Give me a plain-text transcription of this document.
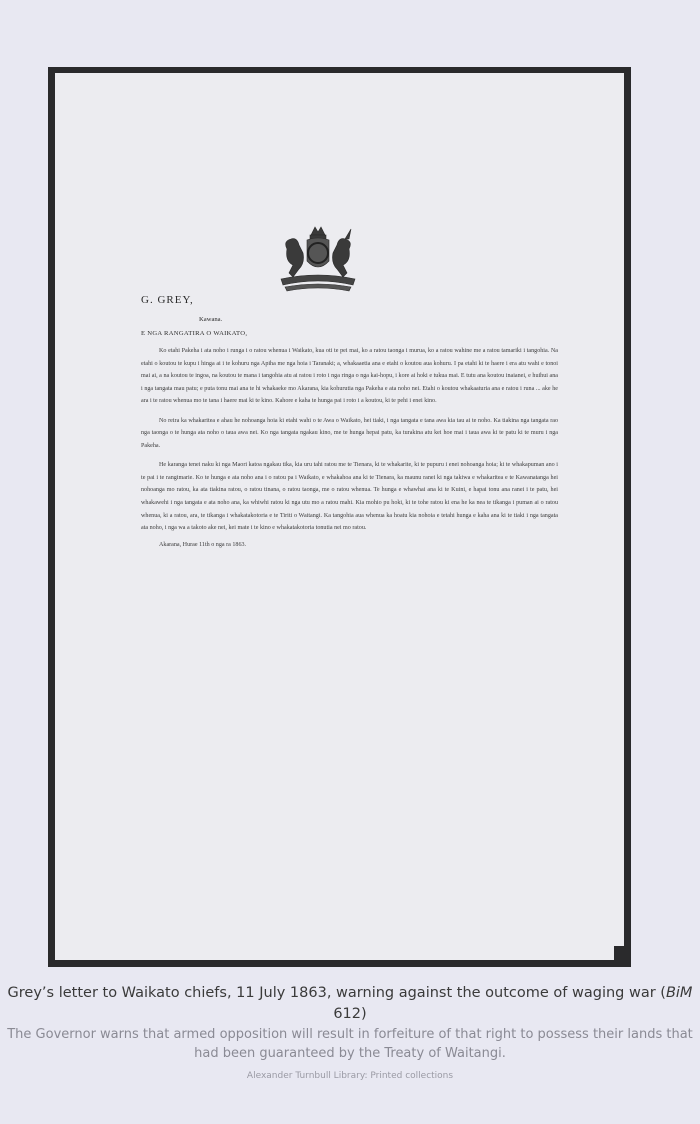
G. GREY,

Kawana.

E NGA RANGATIRA O WAIKATO,

Ko etahi Pakeha i ata noho i runga i o ratou whenua i Waikato, kua oti te pei mai, ko a ratou taonga i murua, ko a ratou wahine me a ratou tamariki i tangohia. Na etahi o koutou te kupu i hinga ai i te kohuru nga Apiha me nga hoia i Taranaki; a, whakaaetia ana e etahi o koutou aua kohuru. I pa etahi ki te haere i era atu wahi e tonoi mai ai, a na koutou te ingoa, na koutou te mana i tangohia atu ai ratou i roto i nga ringa o nga kai-hopu, i kore ai hoki e tukua mai. E tutu ana koutou inaianei, e huihui ana i nga tangata mau patu; e puta tonu mai ana te hi whakaeke mo Akarana, kia kohurutia nga Pakeha e ata noho nei. Etahi o koutou whakaaturia ana e ratou i runa ... ake he ara i te ratou whenua mo te tana i haere mai ki te kino. Kahore e kaha te hunga pai i roto i a koutou, ki te pehi i enei kino.

No reira ka whakaritea e ahau he nohoanga hoia ki etahi wahi o te Awa o Waikato, hei tiaki, i nga tangata e tana awa kia tau ai te noho. Ka tiakina nga tangata rao nga taonga o te hunga ata noho o taua awa nei. Ko nga tangata ngakau kino, me te hunga hepai patu, ka turakina atu kei hoe mai i taua awa ki te patu ki te muru i nga Pakeha.

He karanga tenei naku ki nga Maori katoa ngakau tika, kia uru tahi ratou me te Tienara, ki te whakarite, ki te pupuru i enei nohoanga hoia; ki te whakapuman ano i te pai i te rangimarie. Ko te hunga e ata noho ana i o ratou pa i Waikato, e whakahoa ana ki te Tienara, ka maunu ranei ki nga takiwa e whakaritea e te Kawanatanga hei nohoanga mo ratou, ka ata tiakina ratou, o ratou tinana, o ratou taonga, me o ratou whenua. Te hunga e whawhai ana ki te Kuini, e hapai tonu ana ranei i te patu, hei whakawehi i nga tangata e ata noho ana, ka whiwhi ratou ki nga utu mo a ratou mahi. Kia mohio pu hoki, ki te tohe ratou ki ena he ka nea te tikanga i puman ai o ratou whenua, ki a ratou, ara, te tikanga i whakatakotoria e te Tiriti o Waitangi. Ka tangohia aua whenua ka hoatu kia nohoia e tetahi hunga e kaha ana ki te tiaki i nga tangata ata noho, i nga wa a takoto ake nei, kei mate i te kino e whakatakotoria tonutia nei mo ratou.

Akarana, Hurae 11th o nga ra 1863.

Grey’s letter to Waikato chiefs, 11 July 1863, warning against the outcome of waging war (BiM 612)
The Governor warns that armed opposition will result in forfeiture of that right to possess their lands that had been guaranteed by the Treaty of Waitangi.
Alexander Turnbull Library: Printed collections
